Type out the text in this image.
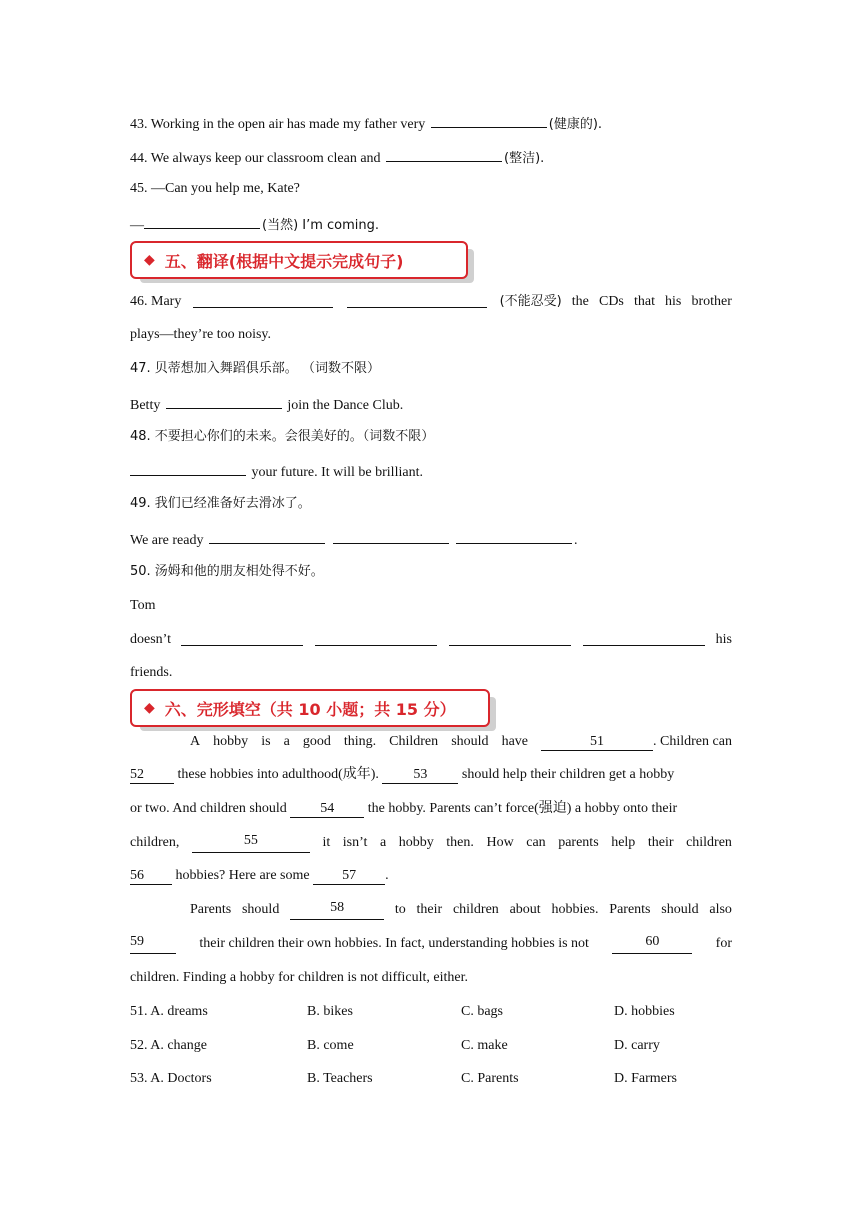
43. Working in the open air has made my father very	(健康的).
44. We always keep our classroom clean and	(整洁).
45. —Can you help me, Kate?
—	(当然) I’m coming.
◆ 五、翻译(根据中文提示完成句子)
46. Mary	(不能忍受) the CDs that his brother
plays—they’re too noisy.
47. 贝蒂想加入舞蹈俱乐部。 （词数不限）
Betty	join the Dance Club.
48. 不要担心你们的未来。会很美好的。（词数不限）
your future. It will be brilliant.
49. 我们已经准备好去滑冰了。
We are ready	.
50. 汤姆和他的朋友相处得不好。
Tom
doesn’t	his
friends.
◆ 六、完形填空（共 10 小题；共 15 分）
A hobby is a good thing. Children should have	51	. Children can
52 these hobbies into adulthood(成年). 53 should help their children get a hobby
or two. And children should 54 the hobby. Parents can’t force(强迫) a hobby onto their
children,	55	it isn’t a hobby then. How can parents help their children
56 hobbies? Here are some 57 .
Parents should	58	to their children about hobbies. Parents should also
59	their children their own hobbies. In fact, understanding hobbies is not	60	for
children. Finding a hobby for children is not difficult, either.
51. A. dreams	B. bikes	C. bags	D. hobbies
52. A. change	B. come	C. make	D. carry
53. A. Doctors	B. Teachers	C. Parents	D. Farmers
